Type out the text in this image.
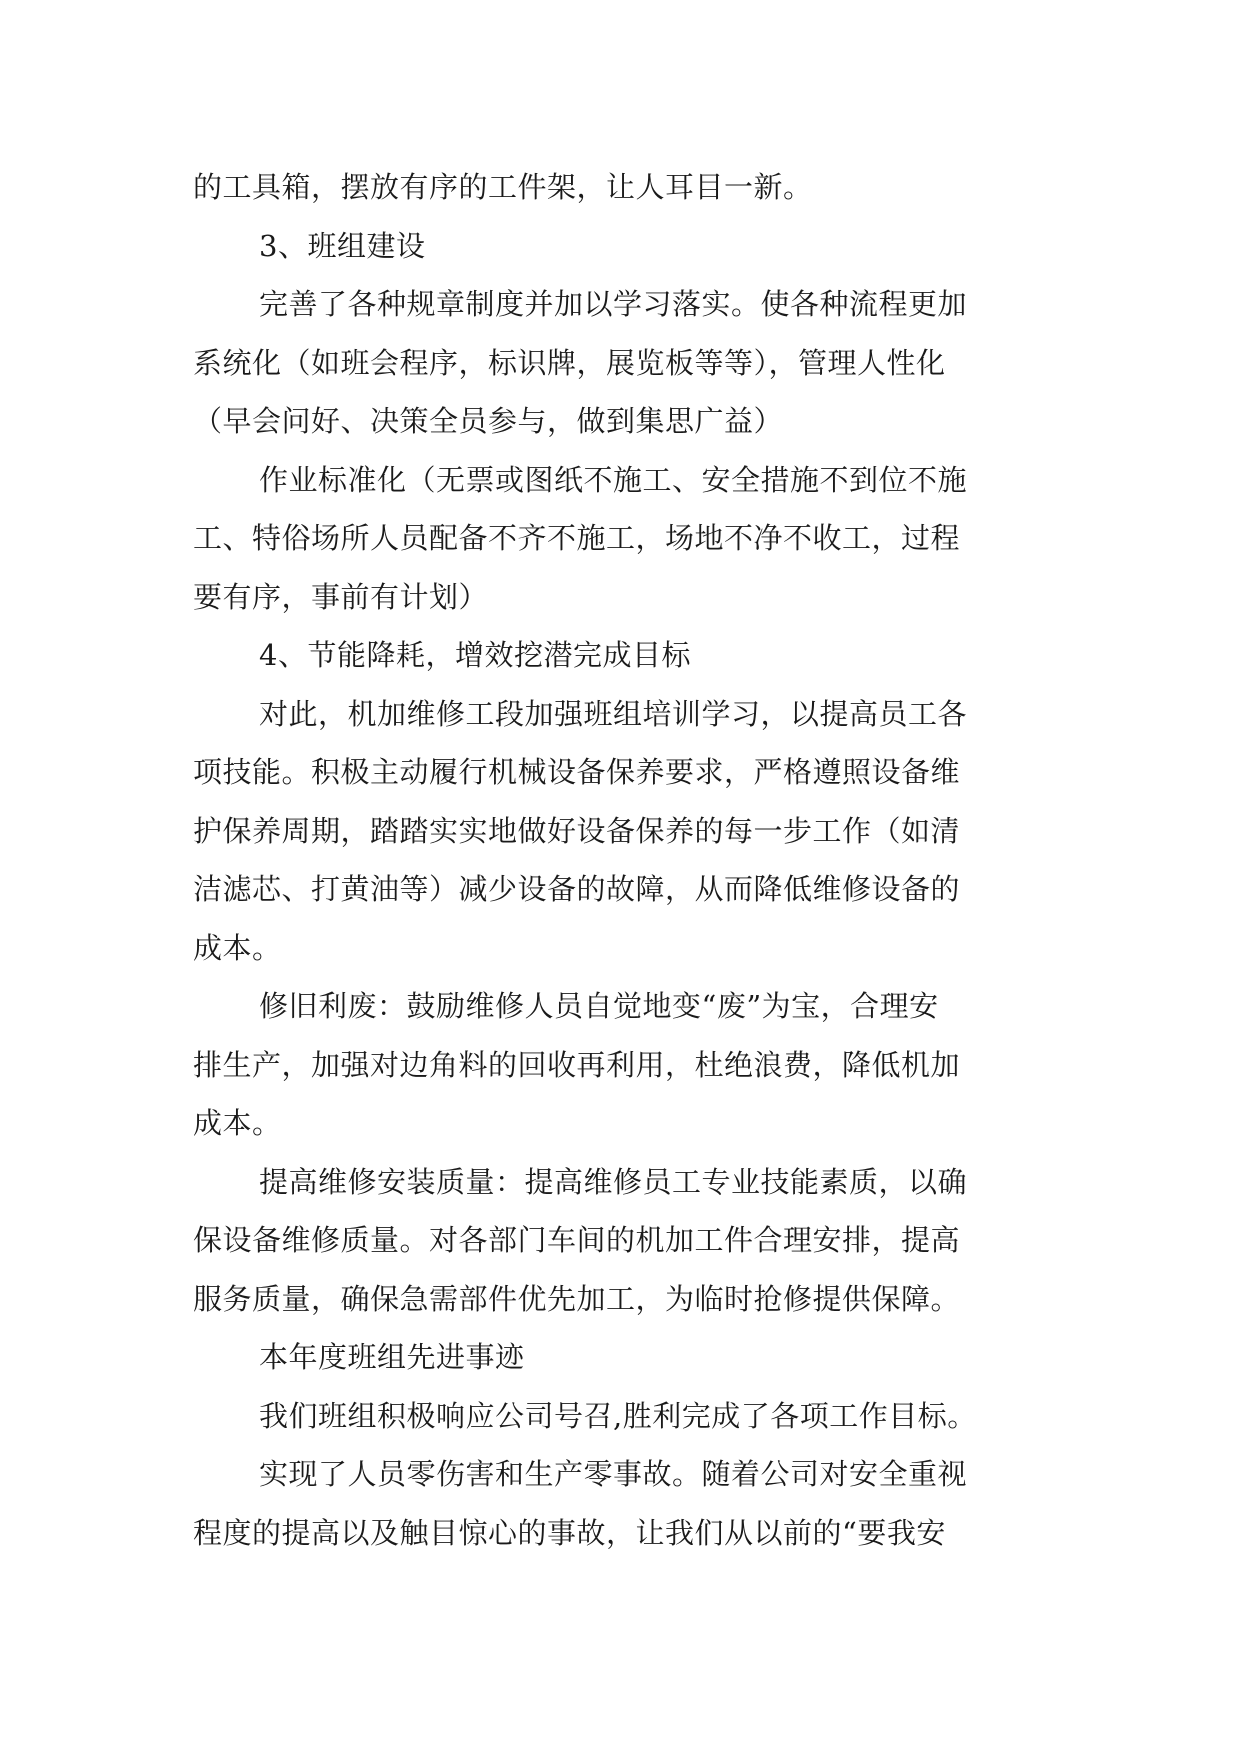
的工具箱，摆放有序的工件架，让人耳目一新。
3、班组建设
完善了各种规章制度并加以学习落实。使各种流程更加
系统化（如班会程序，标识牌，展览板等等），管理人性化
（早会问好、决策全员参与，做到集思广益）
作业标准化（无票或图纸不施工、安全措施不到位不施
工、特俗场所人员配备不齐不施工，场地不净不收工，过程
要有序，事前有计划）
4、节能降耗，增效挖潜完成目标
对此，机加维修工段加强班组培训学习，以提高员工各
项技能。积极主动履行机械设备保养要求，严格遵照设备维
护保养周期，踏踏实实地做好设备保养的每一步工作（如清
洁滤芯、打黄油等）减少设备的故障，从而降低维修设备的
成本。
修旧利废：鼓励维修人员自觉地变“废”为宝，合理安
排生产，加强对边角料的回收再利用，杜绝浪费，降低机加
成本。
提高维修安装质量：提高维修员工专业技能素质，以确
保设备维修质量。对各部门车间的机加工件合理安排，提高
服务质量，确保急需部件优先加工，为临时抢修提供保障。
本年度班组先进事迹
我们班组积极响应公司号召,胜利完成了各项工作目标。
实现了人员零伤害和生产零事故。随着公司对安全重视
程度的提高以及触目惊心的事故，让我们从以前的“要我安
